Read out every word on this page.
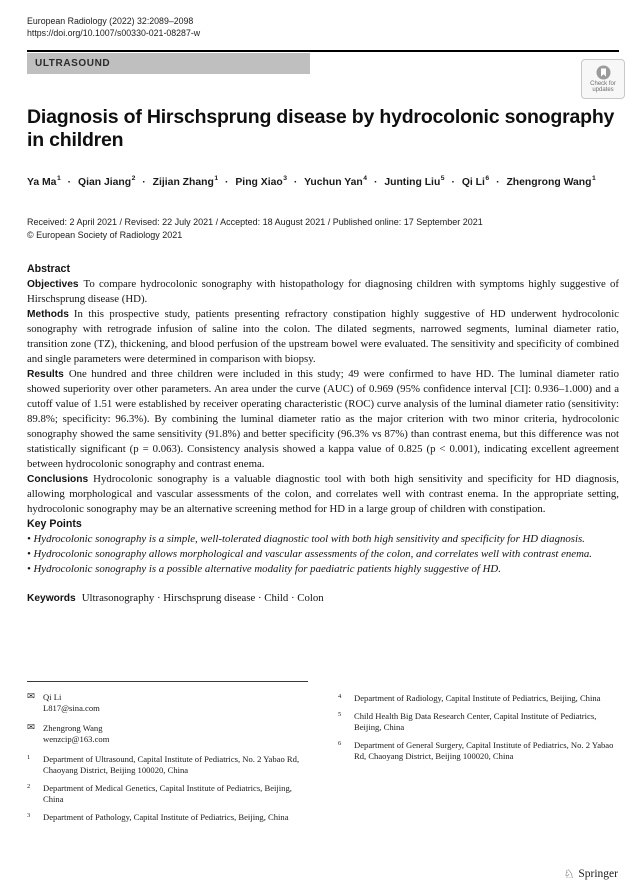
European Radiology (2022) 32:2089–2098
https://doi.org/10.1007/s00330-021-08287-w
ULTRASOUND
Check for
updates
Diagnosis of Hirschsprung disease by hydrocolonic sonography
in children
Ya $Ma^1$ · Qian Jiang$^2$ · Zijian Zhang$^1$ · Ping Xiao$^3$ · Yuchun Yan$^4$ · Junting Liu$^5$ · Qi $Li^6$ · Zhengrong Wang$^1$
Received: 2 April 2021 / Revised: 22 July 2021 / Accepted: 18 August 2021 / Published online: 17 September 2021
© European Society of Radiology 2021
Abstract

Objectives To compare hydrocolonic sonography with histopathology for diagnosing children with symptoms highly suggestive of Hirschsprung disease (HD).

Methods In this prospective study, patients presenting refractory constipation highly suggestive of HD underwent hydrocolonic sonography with retrograde infusion of saline into the colon. The dilated segments, narrowed segments, luminal diameter ratio, transition zone (TZ), thickening, and blood perfusion of the upstream bowel were evaluated. The sensitivity and specificity of combined and single parameters were determined in comparison with biopsy.

Results One hundred and three children were included in this study; 49 were confirmed to have HD. The luminal diameter ratio showed superiority over other parameters. An area under the curve (AUC) of 0.969 (95% confidence interval [CI]: 0.936–1.000) and a cutoff value of 1.51 were established by receiver operating characteristic (ROC) curve analysis of the luminal diameter ratio (sensitivity: 89.8%; specificity: 96.3%). By combining the luminal diameter ratio as the major criterion with two minor criteria, hydrocolonic sonography showed the same sensitivity (91.8%) and better specificity (96.3% vs 87%) than contrast enema, but this difference was not statistically significant (p = 0.063). Consistency analysis showed a kappa value of 0.825 (p < 0.001), indicating excellent agreement between hydrocolonic sonography and contrast enema.

Conclusions Hydrocolonic sonography is a valuable diagnostic tool with both high sensitivity and specificity for HD diagnosis, allowing morphological and vascular assessments of the colon, and correlates well with contrast enema. In the appropriate setting, hydrocolonic sonography may be an alternative screening method for HD in a large group of children with constipation.

Key Points

• Hydrocolonic sonography is a simple, well-tolerated diagnostic tool with both high sensitivity and specificity for HD diagnosis.

• Hydrocolonic sonography allows morphological and vascular assessments of the colon, and correlates well with contrast enema.

• Hydrocolonic sonography is a possible alternative modality for paediatric patients highly suggestive of HD.

Keywords Ultrasonography · Hirschsprung disease · Child · Colon
✉ Qi Li
L817@sina.com
✉ Zhengrong Wang
wenzcip@163.com
$^1$	Department of Ultrasound, Capital Institute of Pediatrics, No. 2 Yabao Rd, Chaoyang District, Beijing 100020, China
$^2$	Department of Medical Genetics, Capital Institute of Pediatrics, Beijing, China
$^3$	Department of Pathology, Capital Institute of Pediatrics, Beijing, China
$^4$	Department of Radiology, Capital Institute of Pediatrics, Beijing, China
$^5$	Child Health Big Data Research Center, Capital Institute of Pediatrics, Beijing, China
$^6$	Department of General Surgery, Capital Institute of Pediatrics, No. 2 Yabao Rd, Chaoyang District, Beijing 100020, China
♘ Springer
